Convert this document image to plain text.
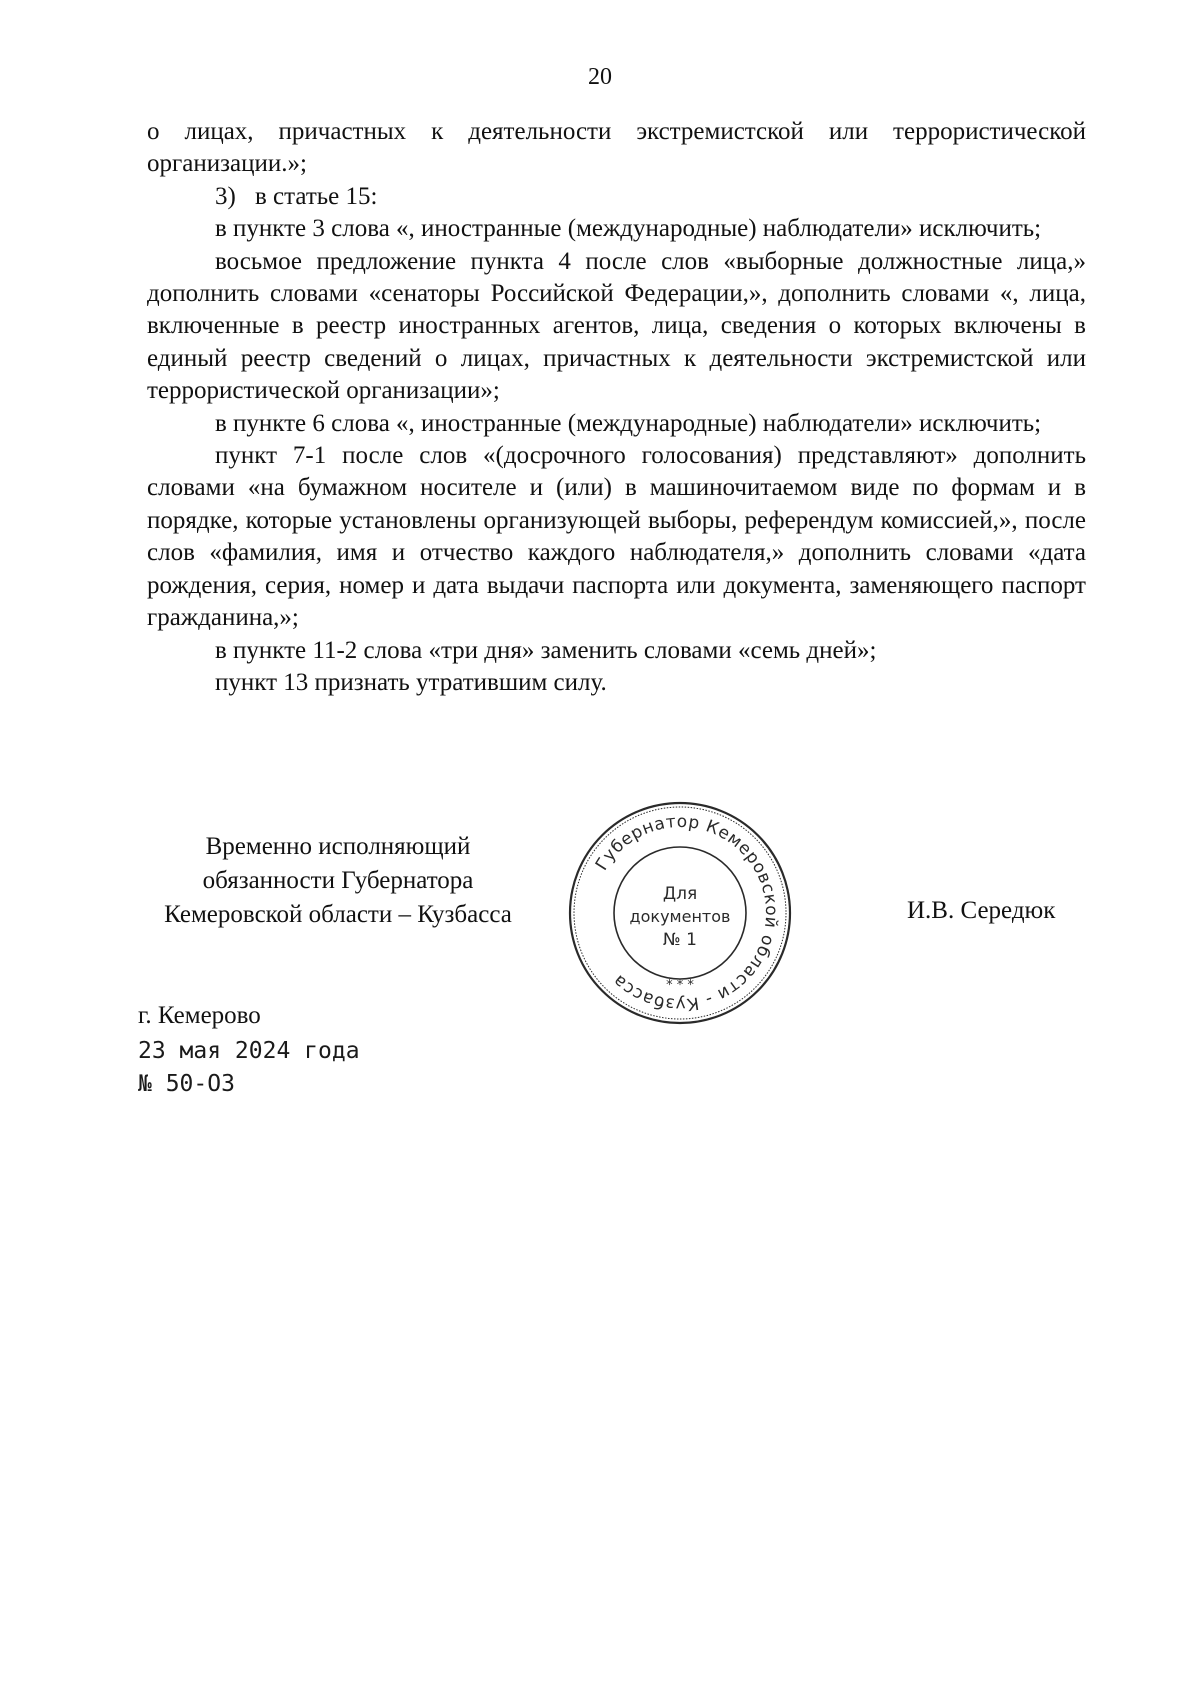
20

о лицах, причастных к деятельности экстремистской или террористической организации.»;

3) в статье 15:

в пункте 3 слова «, иностранные (международные) наблюдатели» исключить;

восьмое предложение пункта 4 после слов «выборные должностные лица,» дополнить словами «сенаторы Российской Федерации,», дополнить словами «, лица, включенные в реестр иностранных агентов, лица, сведения о которых включены в единый реестр сведений о лицах, причастных к деятельности экстремистской или террористической организации»;

в пункте 6 слова «, иностранные (международные) наблюдатели» исключить;

пункт 7-1 после слов «(досрочного голосования) представляют» дополнить словами «на бумажном носителе и (или) в машиночитаемом виде по формам и в порядке, которые установлены организующей выборы, референдум комиссией,», после слов «фамилия, имя и отчество каждого наблюдателя,» дополнить словами «дата рождения, серия, номер и дата выдачи паспорта или документа, заменяющего паспорт гражданина,»;

в пункте 11-2 слова «три дня» заменить словами «семь дней»;

пункт 13 признать утратившим силу.

Временно исполняющий
обязанности Губернатора
Кемеровской области – Кузбасса
Губернатор Кемеровской области - Кузбасса	* * *
Для
документов
№ 1
И.В. Середюк
г. Кемерово
23 мая 2024 года
№ 50-ОЗ
